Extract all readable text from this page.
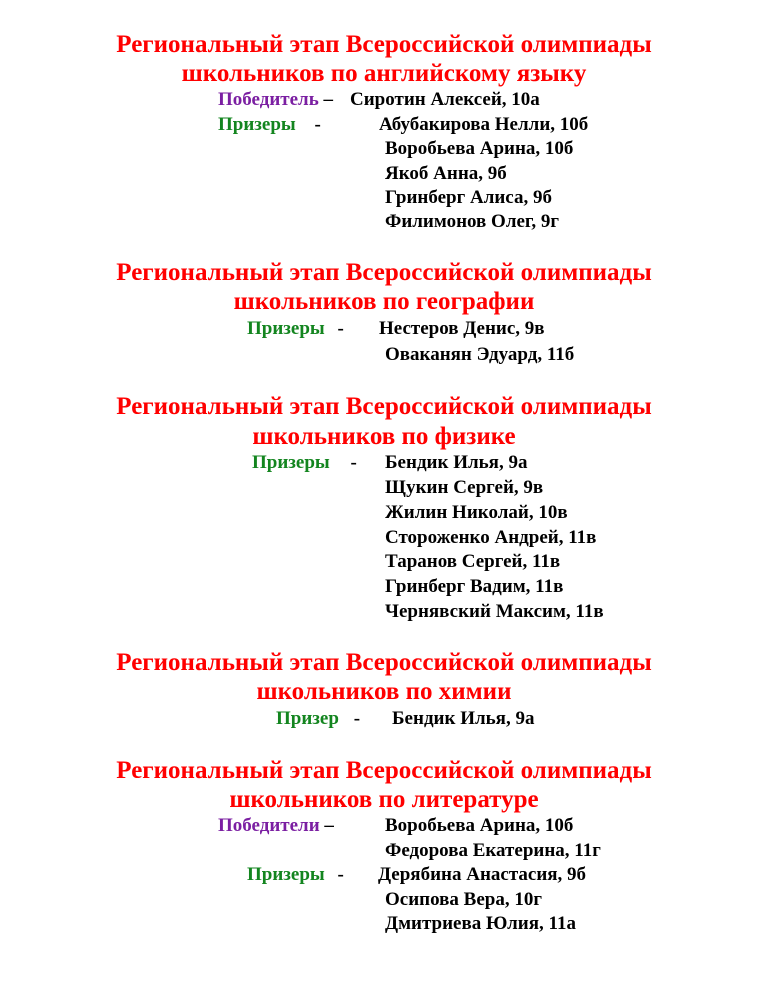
Региональный этап Всероссийской олимпиады
школьников по английскому языку
Победитель – Сиротин Алексей, 10а
Призеры -	Абубакирова Нелли, 10б
Воробьева Арина, 10б
Якоб Анна, 9б
Гринберг Алиса, 9б
Филимонов Олег, 9г
Региональный этап Всероссийской олимпиады
школьников по географии
Призеры - Нестеров Денис, 9в
Оваканян Эдуард, 11б
Региональный этап Всероссийской олимпиады
школьников по физике
Призеры - Бендик Илья, 9а
Щукин Сергей, 9в
Жилин Николай, 10в
Стороженко Андрей, 11в
Таранов Сергей, 11в
Гринберг Вадим, 11в
Чернявский Максим, 11в
Региональный этап Всероссийской олимпиады
школьников по химии
Призер - Бендик Илья, 9а
Региональный этап Всероссийской олимпиады
школьников по литературе
Победители –	Воробьева Арина, 10б
Федорова Екатерина, 11г
Призеры - Дерябина Анастасия, 9б
Осипова Вера, 10г
Дмитриева Юлия, 11а
